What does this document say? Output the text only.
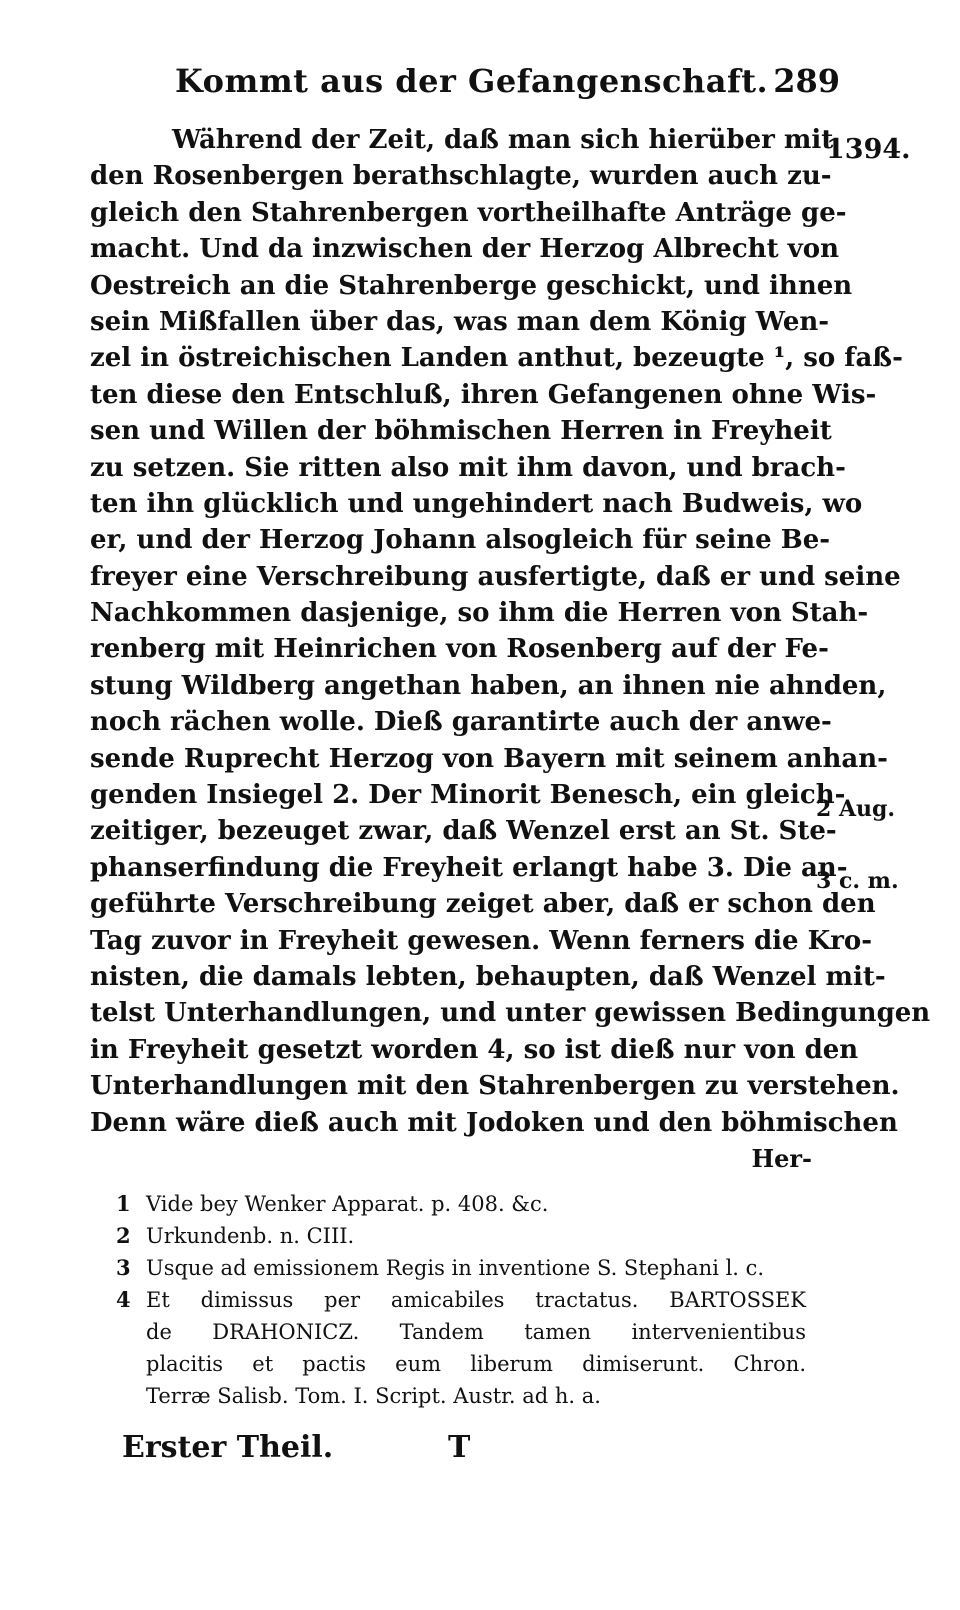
Kommt aus der Gefangenschaft. 289
Während der Zeit, daß man sich hierüber mit
den Rosenbergen berathschlagte, wurden auch zu-
gleich den Stahrenbergen vortheilhafte Anträge ge-
macht. Und da inzwischen der Herzog Albrecht von
Oestreich an die Stahrenberge geschickt, und ihnen
sein Mißfallen über das, was man dem König Wen-
zel in östreichischen Landen anthut, bezeugte ¹, so faß-
ten diese den Entschluß, ihren Gefangenen ohne Wis-
sen und Willen der böhmischen Herren in Freyheit
zu setzen. Sie ritten also mit ihm davon, und brach-
ten ihn glücklich und ungehindert nach Budweis, wo
er, und der Herzog Johann alsogleich für seine Be-
freyer eine Verschreibung ausfertigte, daß er und seine
Nachkommen dasjenige, so ihm die Herren von Stah-
renberg mit Heinrichen von Rosenberg auf der Fe-
stung Wildberg angethan haben, an ihnen nie ahnden,
noch rächen wolle. Dieß garantirte auch der anwe-
sende Ruprecht Herzog von Bayern mit seinem anhan-
genden Insiegel 2. Der Minorit Benesch, ein gleich-
zeitiger, bezeuget zwar, daß Wenzel erst an St. Ste-
phanserfindung die Freyheit erlangt habe 3. Die an-
geführte Verschreibung zeiget aber, daß er schon den
Tag zuvor in Freyheit gewesen. Wenn ferners die Kro-
nisten, die damals lebten, behaupten, daß Wenzel mit-
telst Unterhandlungen, und unter gewissen Bedingungen
in Freyheit gesetzt worden 4, so ist dieß nur von den
Unterhandlungen mit den Stahrenbergen zu verstehen.
Denn wäre dieß auch mit Jodoken und den böhmischen
Her-
1394.
2 Aug.
3 c. m.
1 Vide bey Wenker Apparat. p. 408. &c.
2 Urkundenb. n. CIII.
3 Usque ad emissionem Regis in inventione S. Stephani l. c.
4 Et dimissus per amicabiles tractatus. BARTOSSEK
de DRAHONICZ. Tandem tamen intervenientibus
placitis et pactis eum liberum dimiserunt. Chron.
Terræ Salisb. Tom. I. Script. Austr. ad h. a.
Erster Theil.	T
